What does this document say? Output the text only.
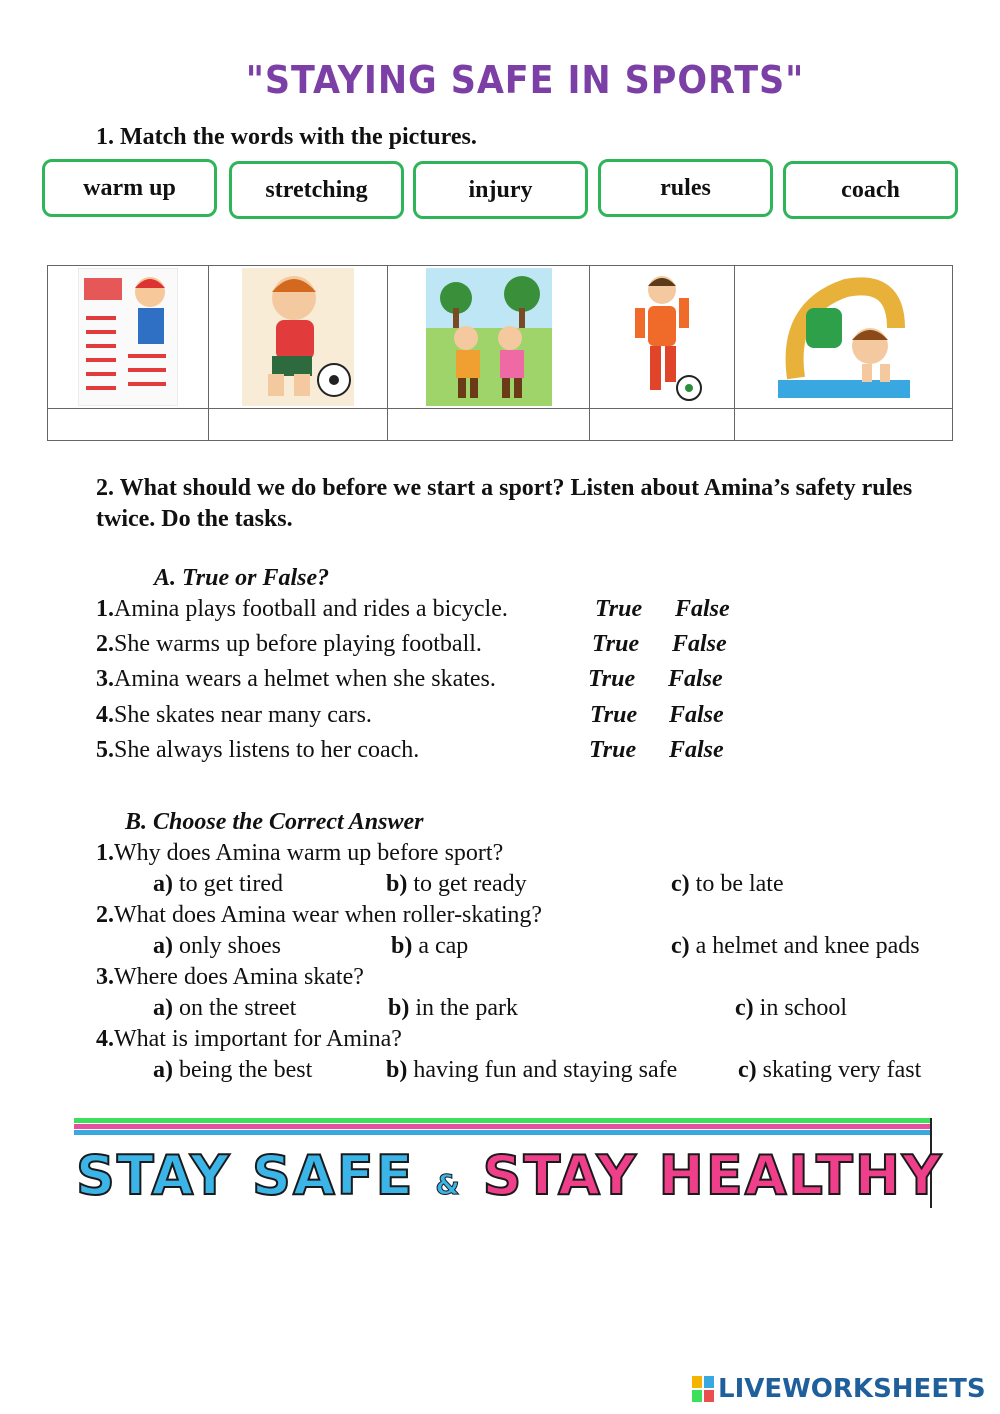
"STAYING SAFE IN SPORTS"
1. Match the words with the pictures.
warm up	stretching	injury	rules	coach

2. What should we do before we start a sport? Listen about Amina’s safety rules twice. Do the tasks.
A. True or False?
1.Amina plays football and rides a bicycle.	True False
2.She warms up before playing football.	True False
3.Amina wears a helmet when she skates.	True False
4.She skates near many cars.	True False
5.She always listens to her coach.	True False
B. Choose the Correct Answer
1.Why does Amina warm up before sport?
a) to get tired	b) to get ready	c) to be late
2.What does Amina wear when roller-skating?
a) only shoes	b) a cap	c) a helmet and knee pads
3.Where does Amina skate?
a) on the street	b) in the park	c) in school
4.What is important for Amina?
a) being the best	b) having fun and staying safe	c) skating very fast
STAY SAFE & STAY HEALTHY
LIVEWORKSHEETS
